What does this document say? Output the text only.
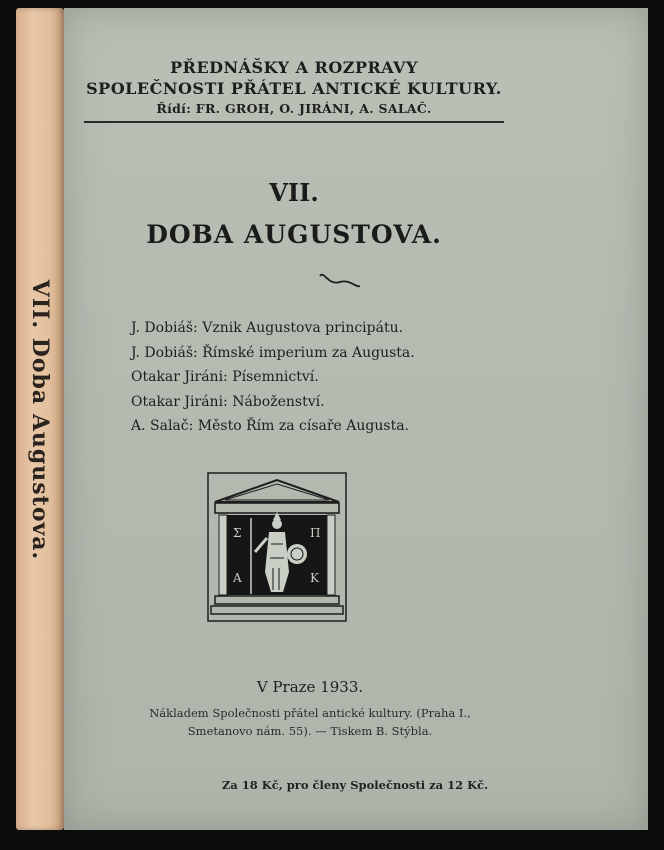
VII. Doba Augustova.
PŘEDNÁŠKY A ROZPRAVY
SPOLEČNOSTI PŘÁTEL ANTICKÉ KULTURY.
Řídí: FR. GROH, O. JIRÁNI, A. SALAČ.
VII.
DOBA AUGUSTOVA.
J. Dobiáš: Vznik Augustova principátu.
J. Dobiáš: Římské imperium za Augusta.
Otakar Jiráni: Písemnictví.
Otakar Jiráni: Náboženství.
A. Salač: Město Řím za císaře Augusta.
Σ	Π
A	K
V Praze 1933.
Nákladem Společnosti přátel antické kultury. (Praha I.,
Smetanovo nám. 55). — Tiskem B. Stýbla.
Za 18 Kč, pro členy Společnosti za 12 Kč.
